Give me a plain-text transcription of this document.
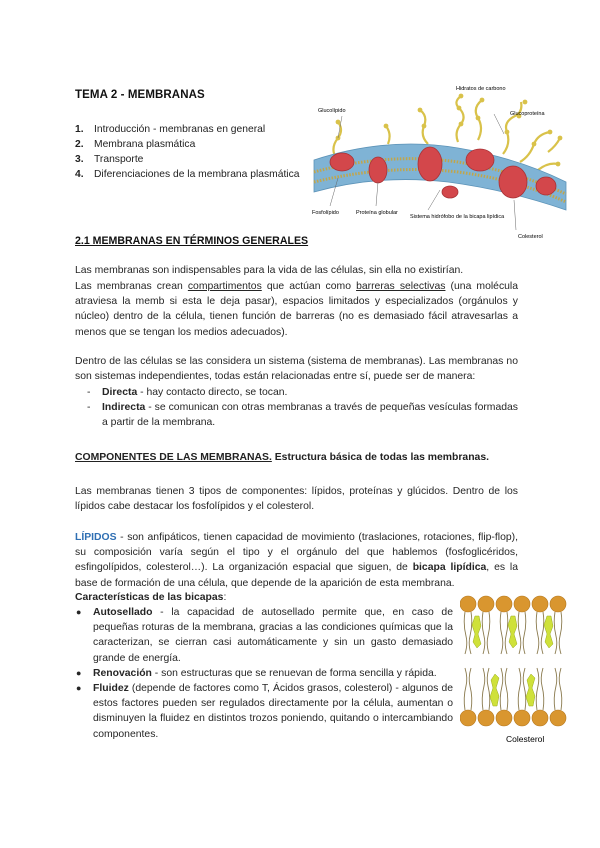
TEMA 2 - MEMBRANAS
1. Introducción - membranas en general
2. Membrana plasmática
3. Transporte
4. Diferenciaciones de la membrana plasmática
Hidratos de carbono
Glucoproteína
Glucolípido
Fosfolípido	Proteína globular
Sistema hidrófobo de la bicapa lipídica
Colesterol
2.1 MEMBRANAS EN TÉRMINOS GENERALES
Las membranas son indispensables para la vida de las células, sin ella no existirían.
Las membranas crean compartimentos que actúan como barreras selectivas (una molécula atraviesa la memb si esta le deja pasar), espacios limitados y especializados (orgánulos y núcleo) dentro de la célula, tienen función de barreras (no es demasiado fácil atravesarlas a menos que se tengan los medios adecuados).
Dentro de las células se las considera un sistema (sistema de membranas). Las membranas no son sistemas independientes, todas están relacionadas entre sí, puede ser de manera:
- Directa - hay contacto directo, se tocan.
- Indirecta - se comunican con otras membranas a través de pequeñas vesículas formadas a partir de la membrana.
COMPONENTES DE LAS MEMBRANAS. Estructura básica de todas las membranas.
Las membranas tienen 3 tipos de componentes: lípidos, proteínas y glúcidos. Dentro de los lípidos cabe destacar los fosfolípidos y el colesterol.
LÍPIDOS - son anfipáticos, tienen capacidad de movimiento (traslaciones, rotaciones, flip-flop), su composición varía según el tipo y el orgánulo del que hablemos (fosfoglicéridos, esfingolípidos, colesterol…). La organización espacial que siguen, de bicapa lipídica, es la base de formación de una célula, que depende de la aparición de esta membrana.
Características de las bicapas:
● Autosellado - la capacidad de autosellado permite que, en caso de pequeñas roturas de la membrana, gracias a las condiciones químicas que la caracterizan, se cierran casi automáticamente y sin un gasto demasiado grande de energía.
● Renovación - son estructuras que se renuevan de forma sencilla y rápida.
● Fluidez (depende de factores como T, Ácidos grasos, colesterol) - algunos de estos factores pueden ser regulados directamente por la célula, aumentan o disminuyen la fluidez en distintos trozos poniendo, quitando o intercambiando componentes.	Colesterol
